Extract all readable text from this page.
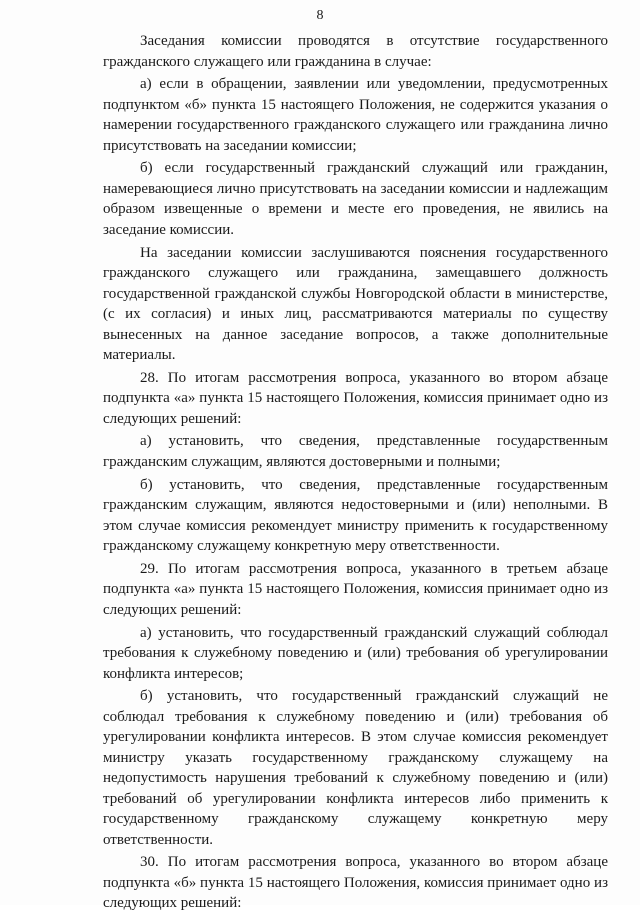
8

Заседания комиссии проводятся в отсутствие государственного гражданского служащего или гражданина в случае:

а) если в обращении, заявлении или уведомлении, предусмотренных подпунктом «б» пункта 15 настоящего Положения, не содержится указания о намерении государственного гражданского служащего или гражданина лично присутствовать на заседании комиссии;

б) если государственный гражданский служащий или гражданин, намеревающиеся лично присутствовать на заседании комиссии и надлежащим образом извещенные о времени и месте его проведения, не явились на заседание комиссии.

На заседании комиссии заслушиваются пояснения государственного гражданского служащего или гражданина, замещавшего должность государственной гражданской службы Новгородской области в министерстве, (с их согласия) и иных лиц, рассматриваются материалы по существу вынесенных на данное заседание вопросов, а также дополнительные материалы.

28. По итогам рассмотрения вопроса, указанного во втором абзаце подпункта «а» пункта 15 настоящего Положения, комиссия принимает одно из следующих решений:

а) установить, что сведения, представленные государственным гражданским служащим, являются достоверными и полными;

б) установить, что сведения, представленные государственным гражданским служащим, являются недостоверными и (или) неполными. В этом случае комиссия рекомендует министру применить к государственному гражданскому служащему конкретную меру ответственности.

29. По итогам рассмотрения вопроса, указанного в третьем абзаце подпункта «а» пункта 15 настоящего Положения, комиссия принимает одно из следующих решений:

а) установить, что государственный гражданский служащий соблюдал требования к служебному поведению и (или) требования об урегулировании конфликта интересов;

б) установить, что государственный гражданский служащий не соблюдал требования к служебному поведению и (или) требования об урегулировании конфликта интересов. В этом случае комиссия рекомендует министру указать государственному гражданскому служащему на недопустимость нарушения требований к служебному поведению и (или) требований об урегулировании конфликта интересов либо применить к государственному гражданскому служащему конкретную меру ответственности.

30. По итогам рассмотрения вопроса, указанного во втором абзаце подпункта «б» пункта 15 настоящего Положения, комиссия принимает одно из следующих решений:
